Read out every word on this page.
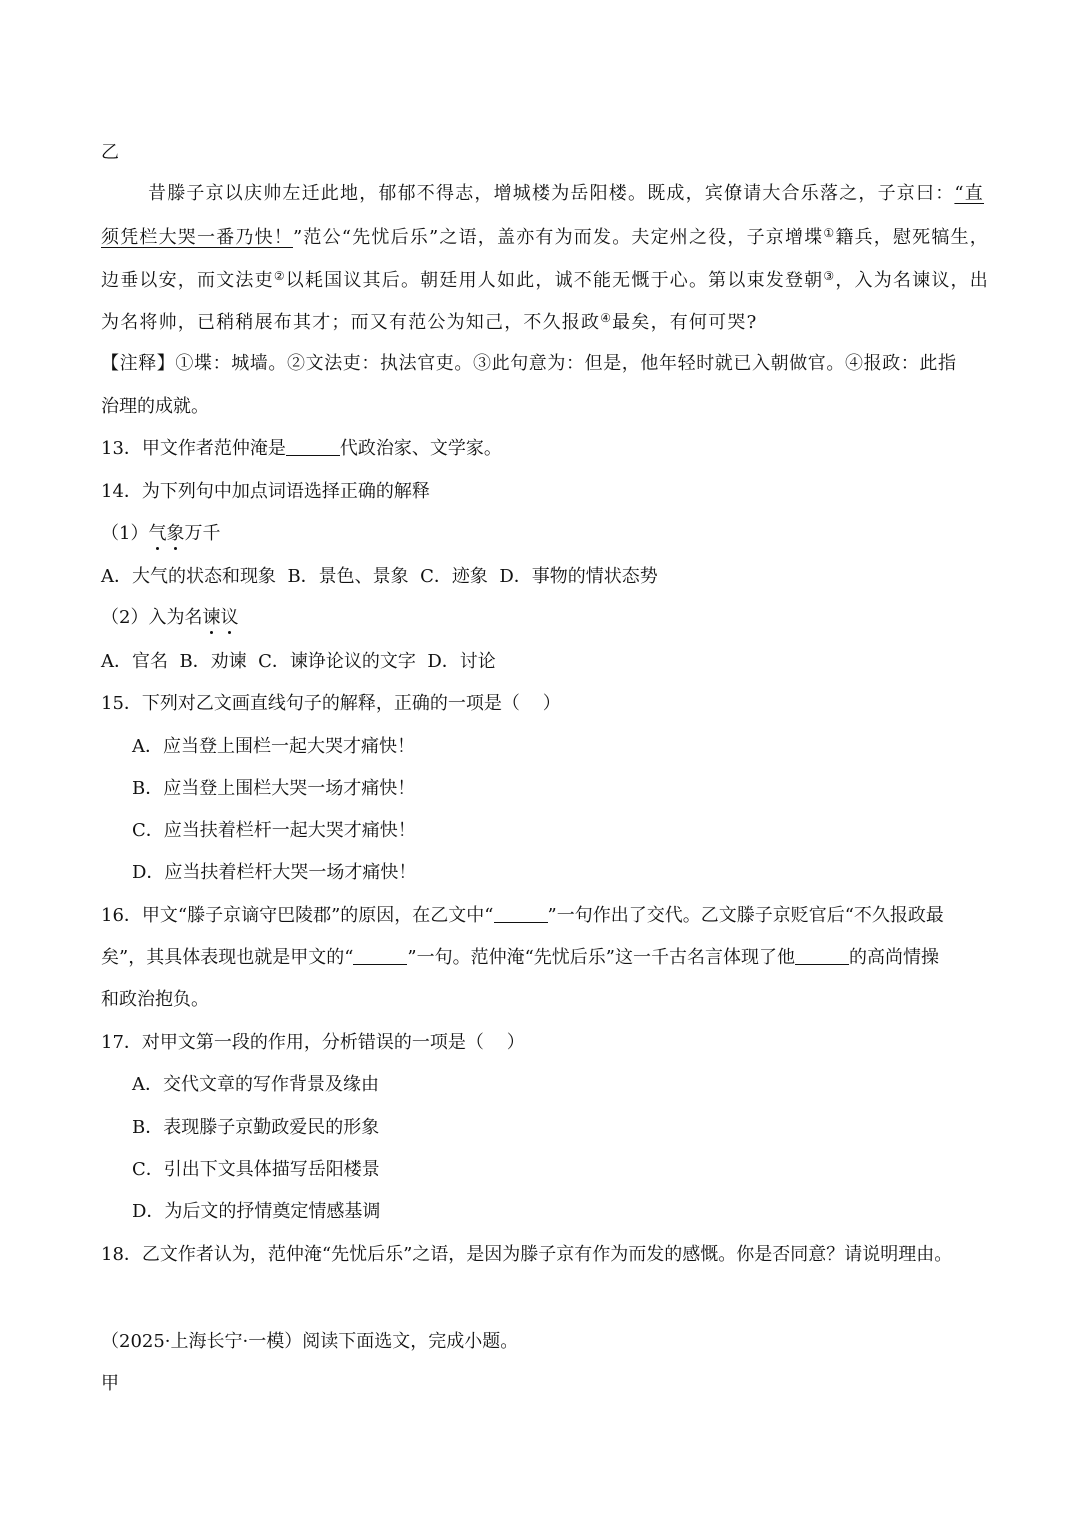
乙
昔滕子京以庆帅左迁此地，郁郁不得志，增城楼为岳阳楼。既成，宾僚请大合乐落之，子京曰：“直
须凭栏大哭一番乃快！”范公“先忧后乐”之语，盖亦有为而发。夫定州之役，子京增堞①籍兵，慰死犒生，
边垂以安，而文法吏②以耗国议其后。朝廷用人如此，诚不能无慨于心。第以束发登朝③，入为名谏议，出
为名将帅，已稍稍展布其才；而又有范公为知己，不久报政④最矣，有何可哭?
【注释】①堞：城墙。②文法吏：执法官吏。③此句意为：但是，他年轻时就已入朝做官。④报政：此指
治理的成就。
13．甲文作者范仲淹是	代政治家、文学家。
14．为下列句中加点词语选择正确的解释
（1）气象万千
A．大气的状态和现象  B．景色、景象  C．迹象  D．事物的情状态势
（2）入为名谏议
A．官名  B．劝谏  C．谏诤论议的文字  D．讨论
15．下列对乙文画直线句子的解释，正确的一项是（    ）
A．应当登上围栏一起大哭才痛快！
B．应当登上围栏大哭一场才痛快！
C．应当扶着栏杆一起大哭才痛快！
D．应当扶着栏杆大哭一场才痛快！
16．甲文“滕子京谪守巴陵郡”的原因，在乙文中“	”一句作出了交代。乙文滕子京贬官后“不久报政最
矣”，其具体表现也就是甲文的“	”一句。范仲淹“先忧后乐”这一千古名言体现了他	的高尚情操
和政治抱负。
17．对甲文第一段的作用，分析错误的一项是（    ）
A．交代文章的写作背景及缘由
B．表现滕子京勤政爱民的形象
C．引出下文具体描写岳阳楼景
D．为后文的抒情奠定情感基调
18．乙文作者认为，范仲淹“先忧后乐”之语，是因为滕子京有作为而发的感慨。你是否同意？请说明理由。
（2025·上海长宁·一模）阅读下面选文，完成小题。
甲
